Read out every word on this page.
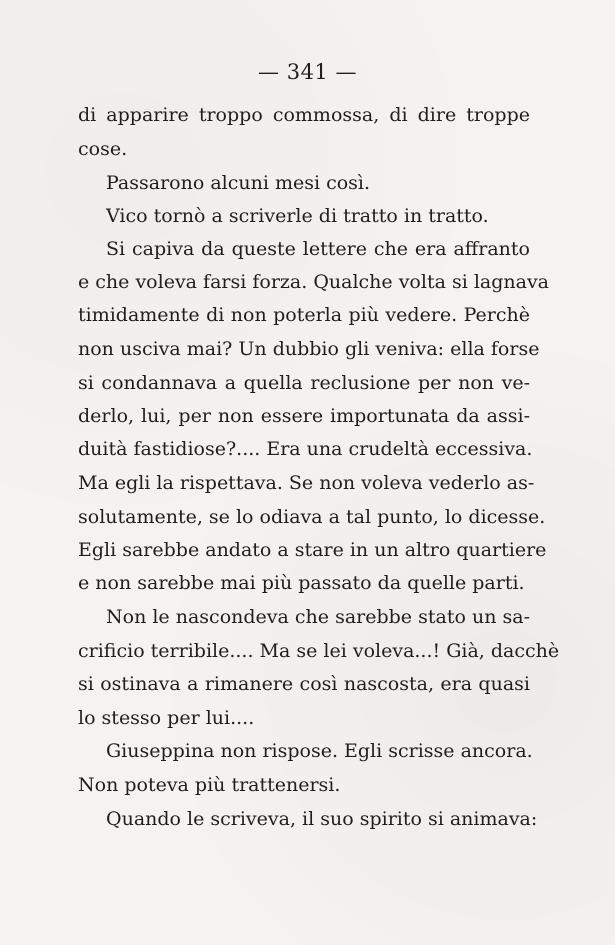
— 341 —
di apparire troppo commossa, di dire troppe
cose.
Passarono alcuni mesi così.
Vico tornò a scriverle di tratto in tratto.
Si capiva da queste lettere che era affranto
e che voleva farsi forza. Qualche volta si lagnava
timidamente di non poterla più vedere. Perchè
non usciva mai? Un dubbio gli veniva: ella forse
si condannava a quella reclusione per non ve-
derlo, lui, per non essere importunata da assi-
duità fastidiose?.... Era una crudeltà eccessiva.
Ma egli la rispettava. Se non voleva vederlo as-
solutamente, se lo odiava a tal punto, lo dicesse.
Egli sarebbe andato a stare in un altro quartiere
e non sarebbe mai più passato da quelle parti.
Non le nascondeva che sarebbe stato un sa-
crificio terribile.... Ma se lei voleva...! Già, dacchè
si ostinava a rimanere così nascosta, era quasi
lo stesso per lui....
Giuseppina non rispose. Egli scrisse ancora.
Non poteva più trattenersi.
Quando le scriveva, il suo spirito si animava:
